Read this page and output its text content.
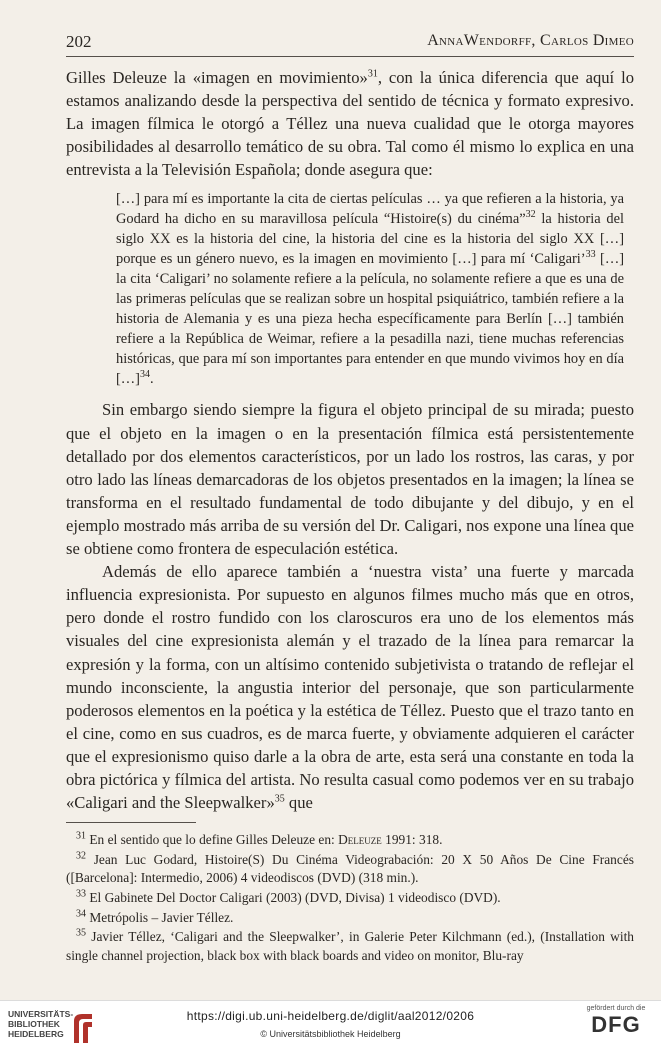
202	AnnaWendorff, Carlos Dimeo

Gilles Deleuze la «imagen en movimiento»$^{31}$, con la única diferencia que aquí lo estamos analizando desde la perspectiva del sentido de técnica y formato expresivo. La imagen fílmica le otorgó a Téllez una nueva cualidad que le otorga mayores posibilidades al desarrollo temático de su obra. Tal como él mismo lo explica en una entrevista a la Televisión Española; donde asegura que:

[…] para mí es importante la cita de ciertas películas … ya que refieren a la historia, ya Godard ha dicho en su maravillosa película “Histoire(s) du cinéma”$^{32}$ la historia del siglo XX es la historia del cine, la historia del cine es la historia del siglo XX […] porque es un género nuevo, es la imagen en movimiento […] para mí ‘Caligari’$^{33}$ […] la cita ‘Caligari’ no solamente refiere a la película, no solamente refiere a que es una de las primeras películas que se realizan sobre un hospital psiquiátrico, también refiere a la historia de Alemania y es una pieza hecha específicamente para Berlín […] también refiere a la República de Weimar, refiere a la pesadilla nazi, tiene muchas referencias históricas, que para mí son importantes para entender en que mundo vivimos hoy en día […]$^{34}$.

Sin embargo siendo siempre la figura el objeto principal de su mirada; puesto que el objeto en la imagen o en la presentación fílmica está persistentemente detallado por dos elementos característicos, por un lado los rostros, las caras, y por otro lado las líneas demarcadoras de los objetos presentados en la imagen; la línea se transforma en el resultado fundamental de todo dibujante y del dibujo, y en el ejemplo mostrado más arriba de su versión del Dr. Caligari, nos expone una línea que se obtiene como frontera de especulación estética.

Además de ello aparece también a ‘nuestra vista’ una fuerte y marcada influencia expresionista. Por supuesto en algunos filmes mucho más que en otros, pero donde el rostro fundido con los claroscuros era uno de los elementos más visuales del cine expresionista alemán y el trazado de la línea para remarcar la expresión y la forma, con un altísimo contenido subjetivista o tratando de reflejar el mundo inconsciente, la angustia interior del personaje, que son particularmente poderosos elementos en la poética y la estética de Téllez. Puesto que el trazo tanto en el cine, como en sus cuadros, es de marca fuerte, y obviamente adquieren el carácter que el expresionismo quiso darle a la obra de arte, esta será una constante en toda la obra pictórica y fílmica del artista. No resulta casual como podemos ver en su trabajo «Caligari and the Sleepwalker»$^{35}$ que

$^{31}$ En el sentido que lo define Gilles Deleuze en: Deleuze 1991: 318.
$^{32}$ Jean Luc Godard, Histoire(S) Du Cinéma Videograbación: 20 X 50 Años De Cine Francés ([Barcelona]: Intermedio, 2006) 4 videodiscos (DVD) (318 min.).
$^{33}$ El Gabinete Del Doctor Caligari (2003) (DVD, Divisa) 1 videodisco (DVD).
$^{34}$ Metrópolis – Javier Téllez.
$^{35}$ Javier Téllez, ‘Caligari and the Sleepwalker’, in Galerie Peter Kilchmann (ed.), (Installation with single channel projection, black box with black boards and video on monitor, Blu-ray
UNIVERSITÄTS-
BIBLIOTHEK
HEIDELBERG
https://digi.ub.uni-heidelberg.de/diglit/aal2012/0206
© Universitätsbibliothek Heidelberg
gefördert durch die
DFG
